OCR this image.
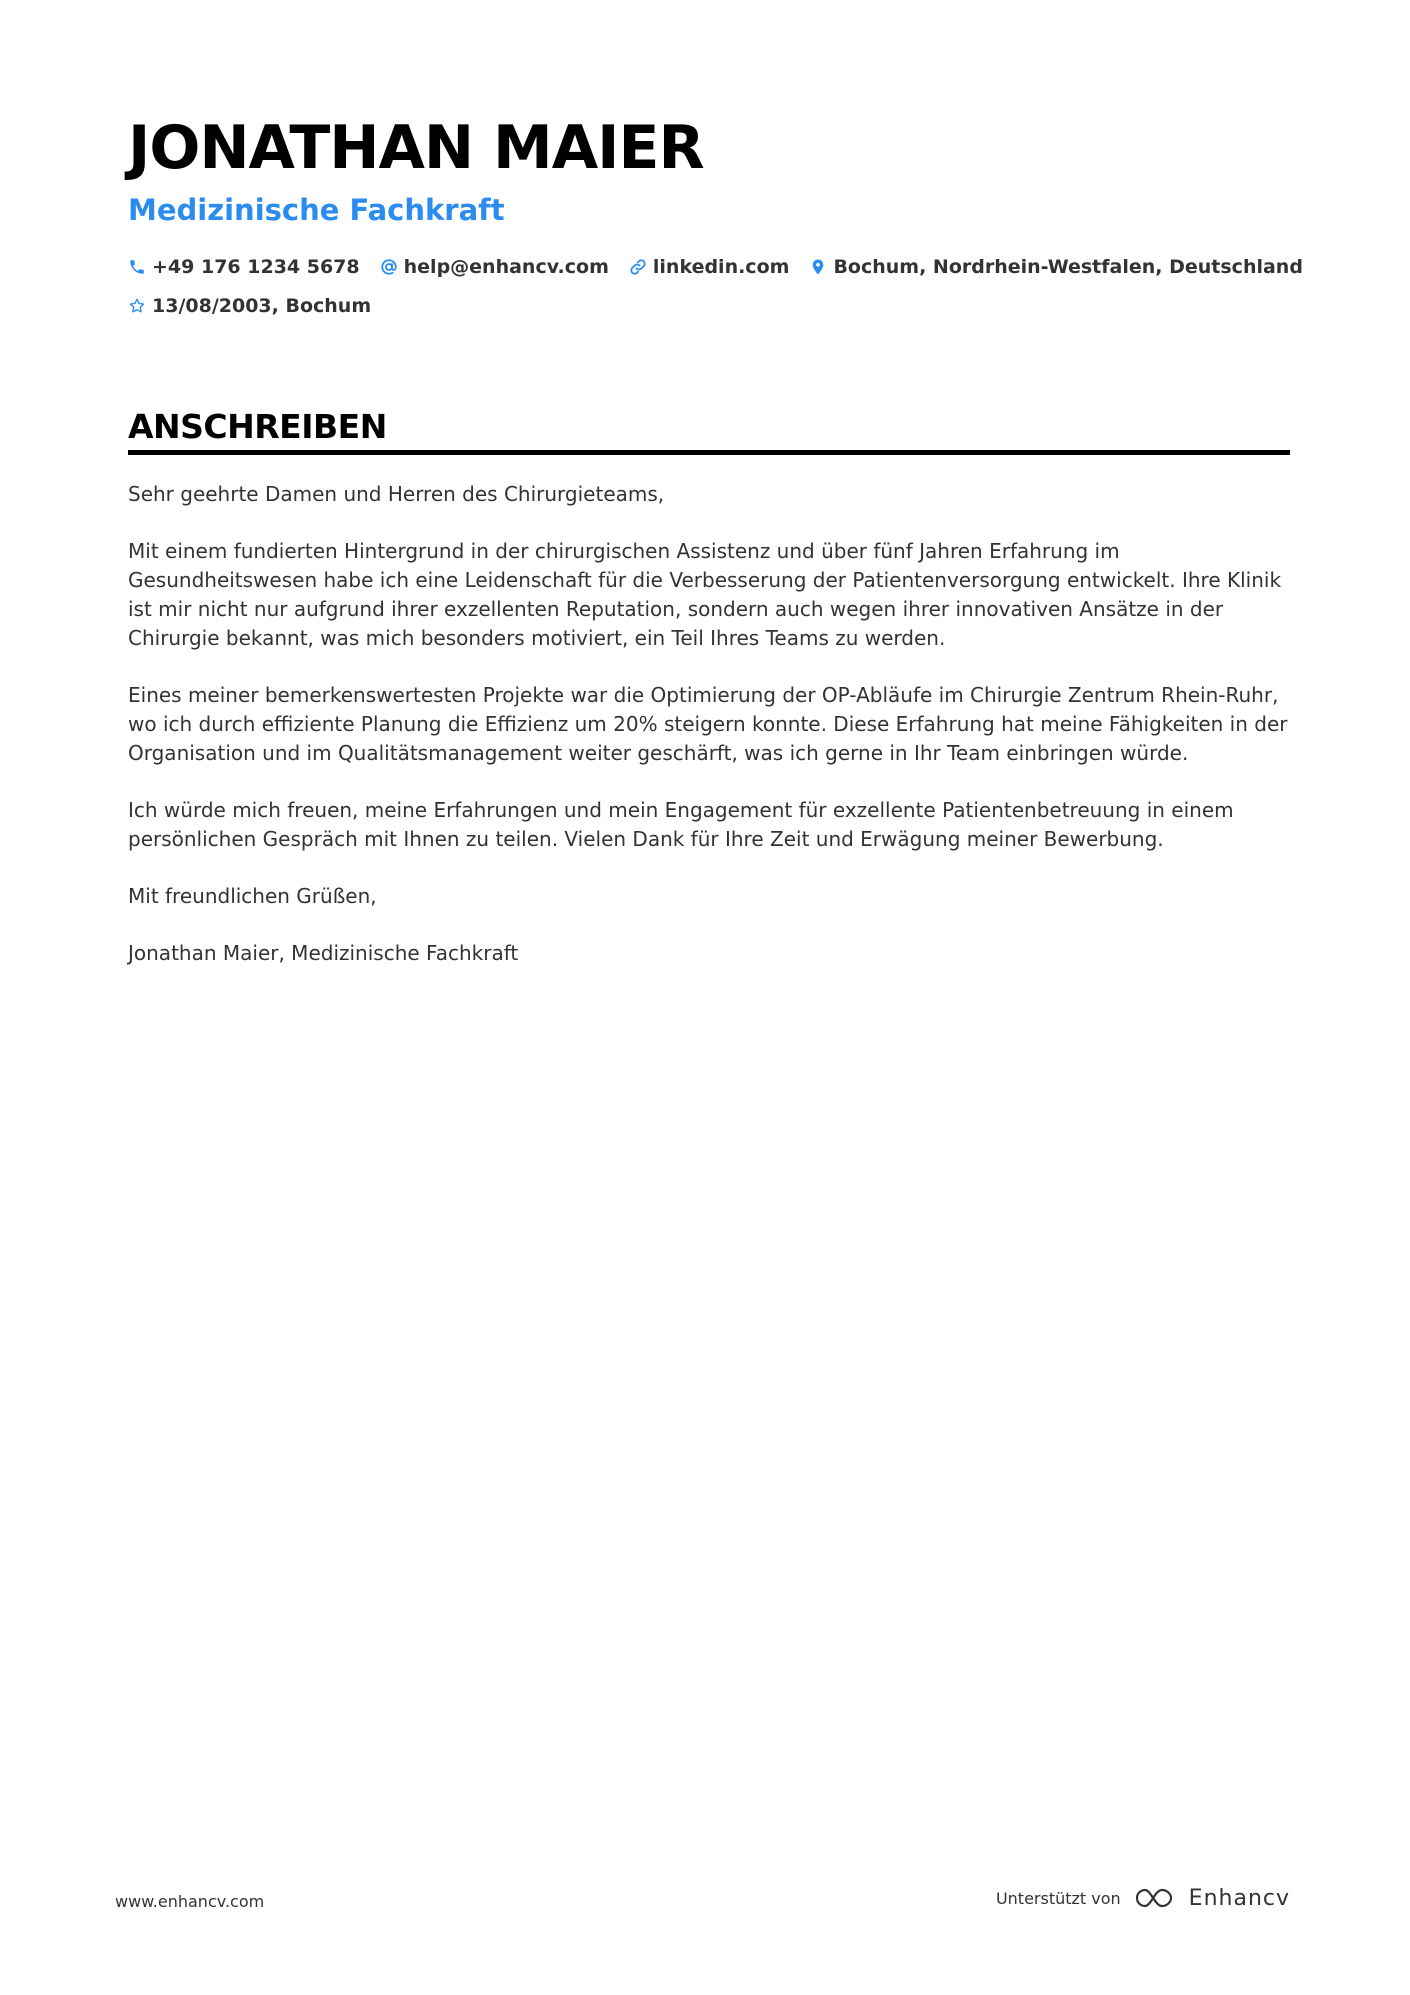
JONATHAN MAIER
Medizinische Fachkraft
+49 176 1234 5678 help@enhancv.com linkedin.com Bochum, Nordrhein-Westfalen, Deutschland
13/08/2003, Bochum
ANSCHREIBEN

Sehr geehrte Damen und Herren des Chirurgieteams,

Mit einem fundierten Hintergrund in der chirurgischen Assistenz und über fünf Jahren Erfahrung im Gesundheitswesen habe ich eine Leidenschaft für die Verbesserung der Patientenversorgung entwickelt. Ihre Klinik ist mir nicht nur aufgrund ihrer exzellenten Reputation, sondern auch wegen ihrer innovativen Ansätze in der Chirurgie bekannt, was mich besonders motiviert, ein Teil Ihres Teams zu werden.

Eines meiner bemerkenswertesten Projekte war die Optimierung der OP-Abläufe im Chirurgie Zentrum Rhein-Ruhr, wo ich durch effiziente Planung die Effizienz um 20% steigern konnte. Diese Erfahrung hat meine Fähigkeiten in der Organisation und im Qualitätsmanagement weiter geschärft, was ich gerne in Ihr Team einbringen würde.

Ich würde mich freuen, meine Erfahrungen und mein Engagement für exzellente Patientenbetreuung in einem persönlichen Gespräch mit Ihnen zu teilen. Vielen Dank für Ihre Zeit und Erwägung meiner Bewerbung.

Mit freundlichen Grüßen,

Jonathan Maier, Medizinische Fachkraft

www.enhancv.com	Unterstützt von	Enhancv
